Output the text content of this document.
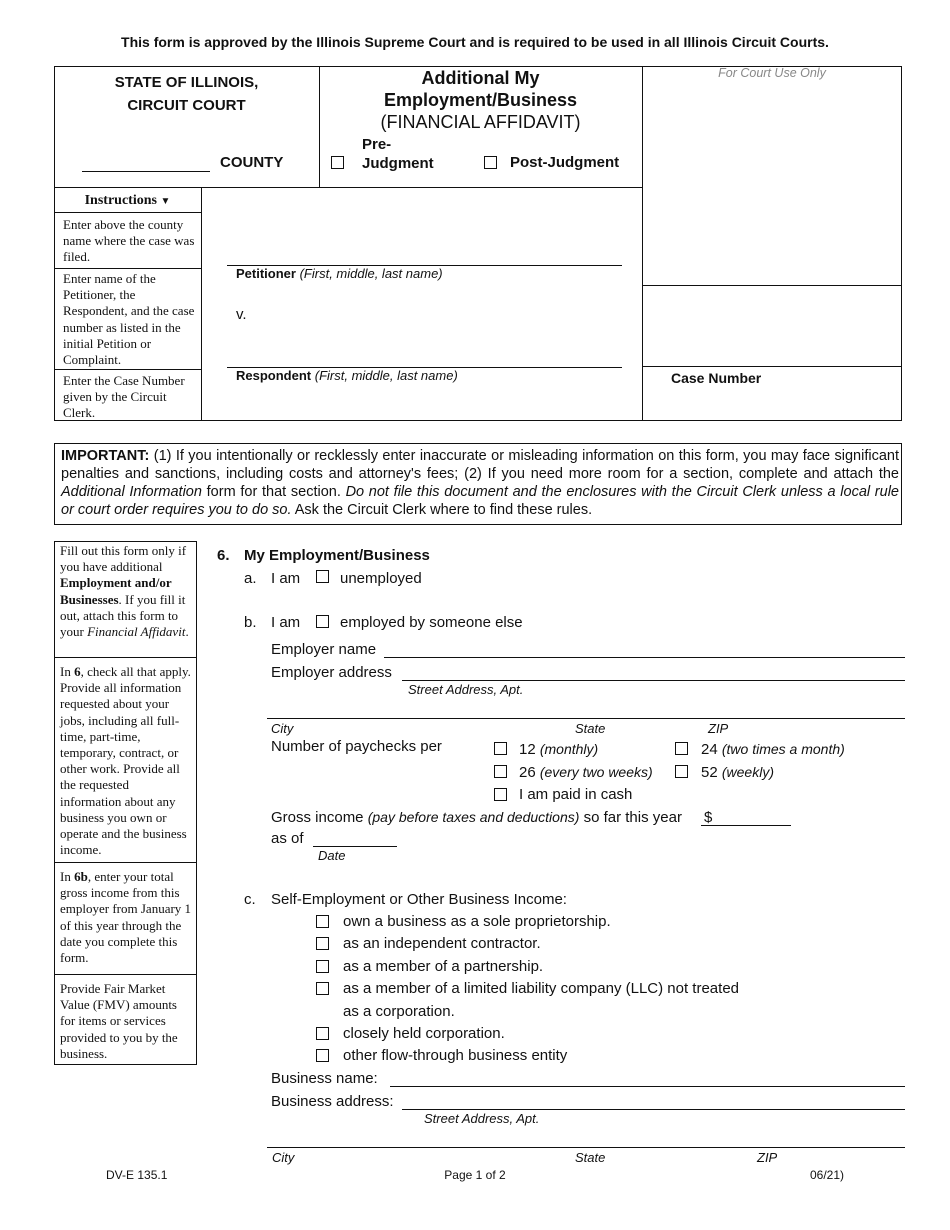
This form is approved by the Illinois Supreme Court and is required to be used in all Illinois Circuit Courts.
STATE OF ILLINOIS,
CIRCUIT COURT
COUNTY
Additional My
Employment/Business
(FINANCIAL AFFIDAVIT)
Pre-
Judgment	Post-Judgment
For Court Use Only
Instructions ▼
Enter above the county name where the case was filed.
Enter name of the Petitioner, the Respondent, and the case number as listed in the initial Petition or Complaint.
Enter the Case Number given by the Circuit Clerk.
Petitioner (First, middle, last name)
v.
Respondent (First, middle, last name)	Case Number
IMPORTANT: (1) If you intentionally or recklessly enter inaccurate or misleading information on this form, you may face significant penalties and sanctions, including costs and attorney's fees; (2) If you need more room for a section, complete and attach the Additional Information form for that section. Do not file this document and the enclosures with the Circuit Clerk unless a local rule or court order requires you to do so. Ask the Circuit Clerk where to find these rules.
Fill out this form only if you have additional Employment and/or Businesses. If you fill it out, attach this form to your Financial Affidavit.
In 6, check all that apply. Provide all information requested about your jobs, including all full-time, part-time, temporary, contract, or other work. Provide all the requested information about any business you own or operate and the business income.
In 6b, enter your total gross income from this employer from January 1 of this year through the date you complete this form.
Provide Fair Market Value (FMV) amounts for items or services provided to you by the business.
6. My Employment/Business
a. I am	unemployed
b. I am	employed by someone else
Employer name
Employer address
Street Address, Apt.
City	State	ZIP
Number of paychecks per	12 (monthly)	24 (two times a month)
26 (every two weeks)	52 (weekly)
I am paid in cash
Gross income (pay before taxes and deductions) so far this year $
as of
Date
c. Self-Employment or Other Business Income:
own a business as a sole proprietorship.
as an independent contractor.
as a member of a partnership.
as a member of a limited liability company (LLC) not treated
as a corporation.
closely held corporation.
other flow-through business entity
Business name:
Business address:
Street Address, Apt.
City	State	ZIP
DV-E 135.1	Page 1 of 2	06/21)
